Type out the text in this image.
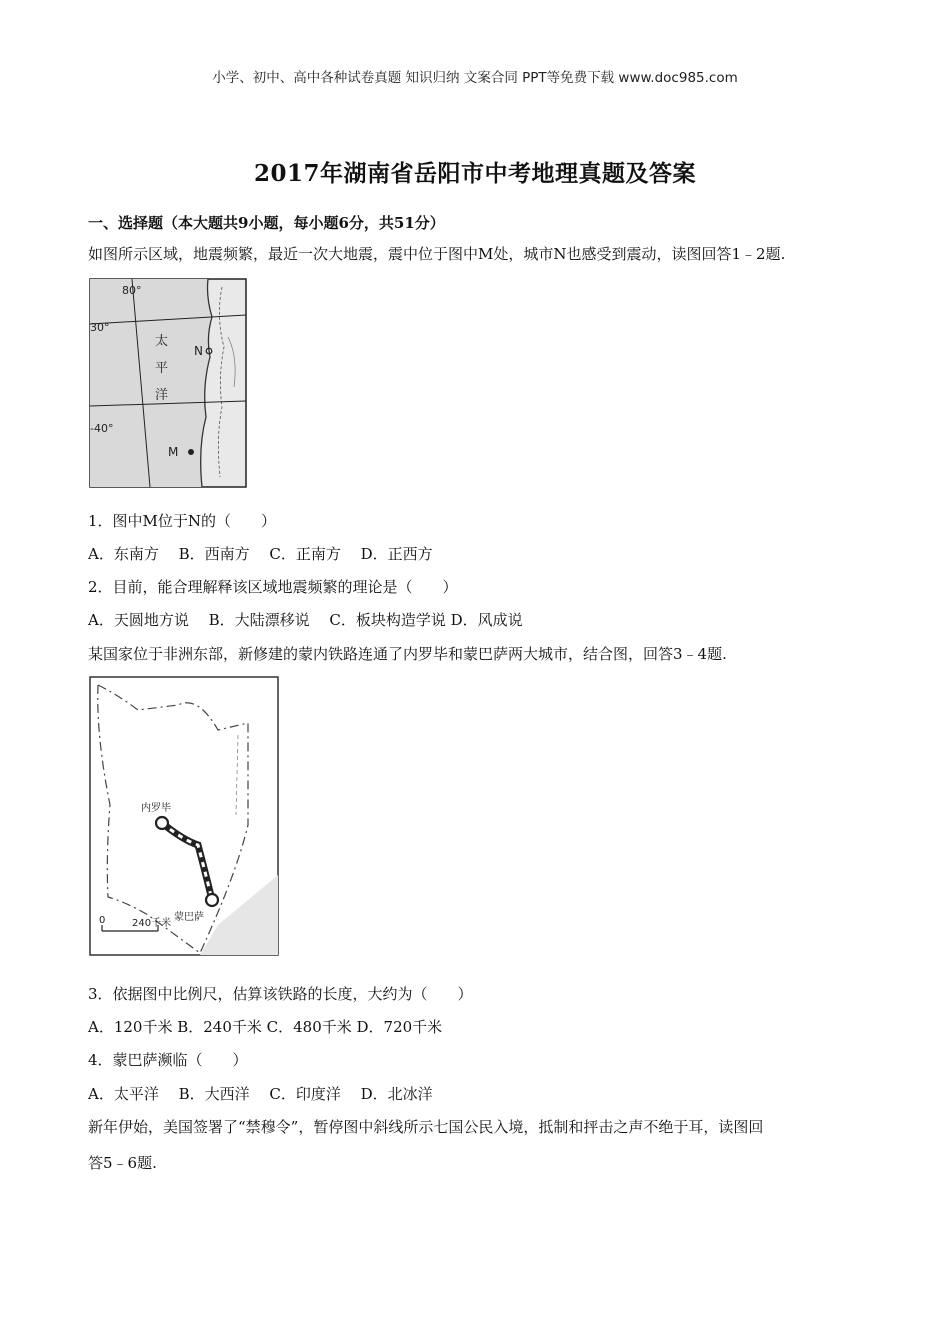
小学、初中、高中各种试卷真题 知识归纳 文案合同 PPT等免费下载 www.doc985.com
2017年湖南省岳阳市中考地理真题及答案
一、选择题（本大题共9小题，每小题6分，共51分）
如图所示区域，地震频繁，最近一次大地震，震中位于图中M处，城市N也感受到震动，读图回答1﹣2题.
80°
30°
-40°
太
平
洋
N
M
1．图中M位于N的（　　）
A．东南方　 B．西南方　 C．正南方　 D．正西方
2．目前，能合理解释该区域地震频繁的理论是（　　）
A．天圆地方说　 B．大陆漂移说　 C．板块构造学说 D．风成说
某国家位于非洲东部，新修建的蒙内铁路连通了内罗毕和蒙巴萨两大城市，结合图，回答3﹣4题.
内罗毕
蒙巴萨
0	240千米
3．依据图中比例尺，估算该铁路的长度，大约为（　　）
A．120千米 B．240千米 C．480千米 D．720千米
4．蒙巴萨濒临（　　）
A．太平洋　 B．大西洋　 C．印度洋　 D．北冰洋
新年伊始，美国签署了“禁穆令”，暂停图中斜线所示七国公民入境，抵制和抨击之声不绝于耳，读图回
答5﹣6题.
